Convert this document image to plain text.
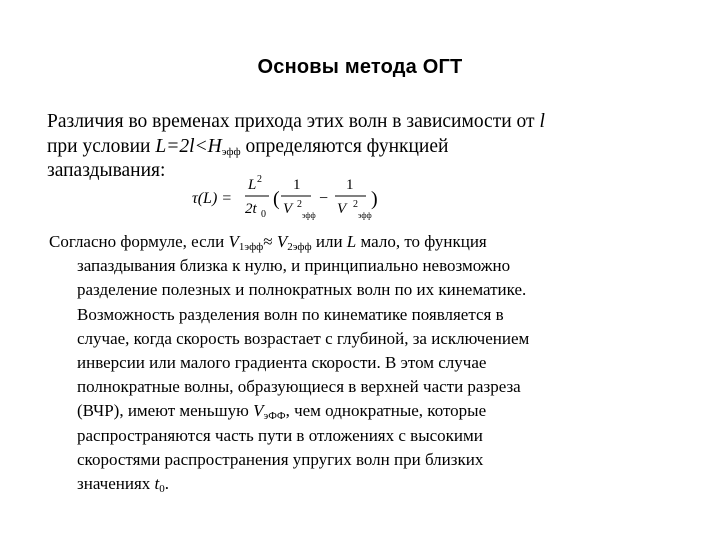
Основы метода ОГТ
Различия во временах прихода этих волн в зависимости от l
при условии $L=2l<H_{эфф}$ определяются функцией
запаздывания:
τ(L) =
L 2
2t 0
(
1
V 2
эфф
−
1
V 2
эфф
)
Согласно формуле, если $V_{1эфф}\approx V_{2эфф}$ или L мало, то функция
запаздывания близка к нулю, и принципиально невозможно
разделение полезных и полнократных волн по их кинематике.
Возможность разделения волн по кинематике появляется в
случае, когда скорость возрастает с глубиной, за исключением
инверсии или малого градиента скорости. В этом случае
полнократные волны, образующиеся в верхней части разреза
(ВЧР), имеют меньшую $V_{эФФ}$, чем однократные, которые
распространяются часть пути в отложениях с высокими
скоростями распространения упругих волн при близких
значениях $t_0$.
